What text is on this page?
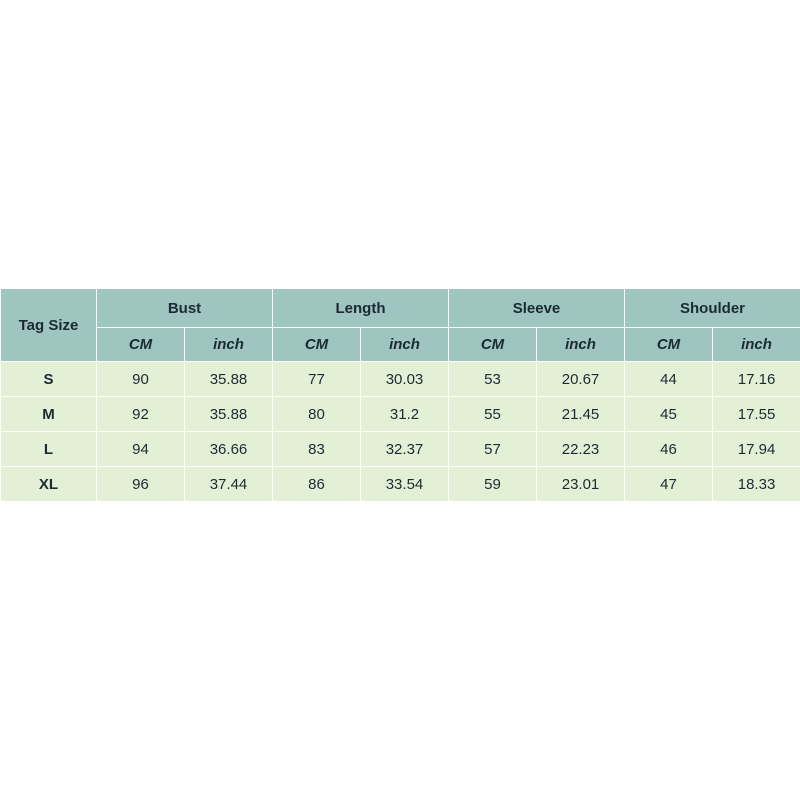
Tag Size	Bust		Length		Sleeve		Shoulder	
	CM	inch	CM	inch	CM	inch	CM	inch
S	90	35.88	77	30.03	53	20.67	44	17.16
M	92	35.88	80	31.2	55	21.45	45	17.55
L	94	36.66	83	32.37	57	22.23	46	17.94
XL	96	37.44	86	33.54	59	23.01	47	18.33
